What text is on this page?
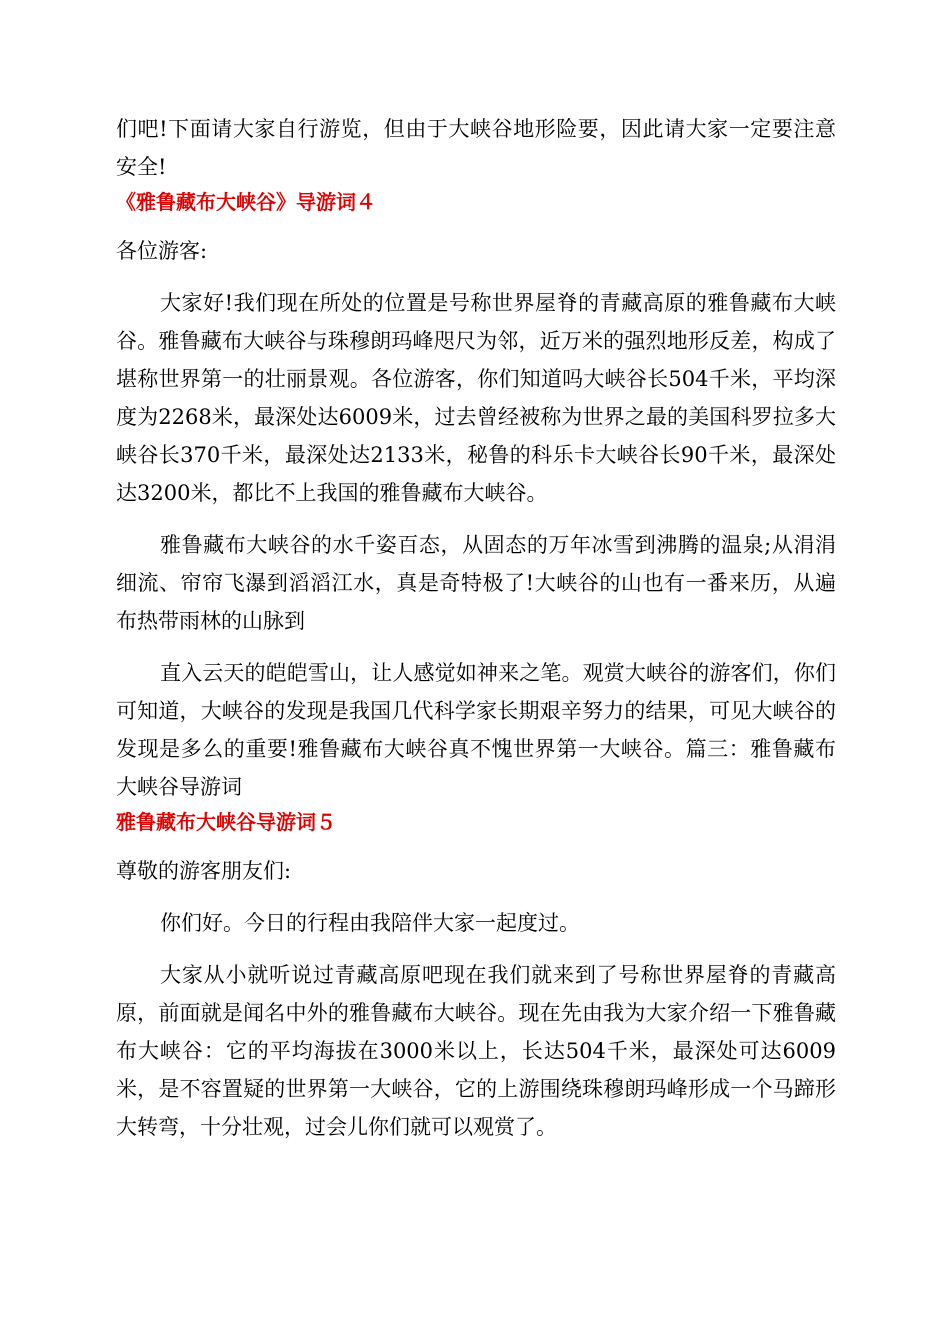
们吧!下面请大家自行游览，但由于大峡谷地形险要，因此请大家一定要注意安全!

《雅鲁藏布大峡谷》导游词４

各位游客:

大家好!我们现在所处的位置是号称世界屋脊的青藏高原的雅鲁藏布大峡谷。雅鲁藏布大峡谷与珠穆朗玛峰咫尺为邻，近万米的强烈地形反差，构成了堪称世界第一的壮丽景观。各位游客，你们知道吗大峡谷长504千米，平均深度为2268米，最深处达6009米，过去曾经被称为世界之最的美国科罗拉多大峡谷长370千米，最深处达2133米，秘鲁的科乐卡大峡谷长90千米，最深处达3200米，都比不上我国的雅鲁藏布大峡谷。

雅鲁藏布大峡谷的水千姿百态，从固态的万年冰雪到沸腾的温泉;从涓涓细流、帘帘飞瀑到滔滔江水，真是奇特极了!大峡谷的山也有一番来历，从遍布热带雨林的山脉到

直入云天的皑皑雪山，让人感觉如神来之笔。观赏大峡谷的游客们，你们可知道，大峡谷的发现是我国几代科学家长期艰辛努力的结果，可见大峡谷的发现是多么的重要!雅鲁藏布大峡谷真不愧世界第一大峡谷。篇三：雅鲁藏布大峡谷导游词

雅鲁藏布大峡谷导游词５

尊敬的游客朋友们:

你们好。今日的行程由我陪伴大家一起度过。

大家从小就听说过青藏高原吧现在我们就来到了号称世界屋脊的青藏高原，前面就是闻名中外的雅鲁藏布大峡谷。现在先由我为大家介绍一下雅鲁藏布大峡谷：它的平均海拔在3000米以上，长达504千米，最深处可达6009米，是不容置疑的世界第一大峡谷，它的上游围绕珠穆朗玛峰形成一个马蹄形大转弯，十分壮观，过会儿你们就可以观赏了。
